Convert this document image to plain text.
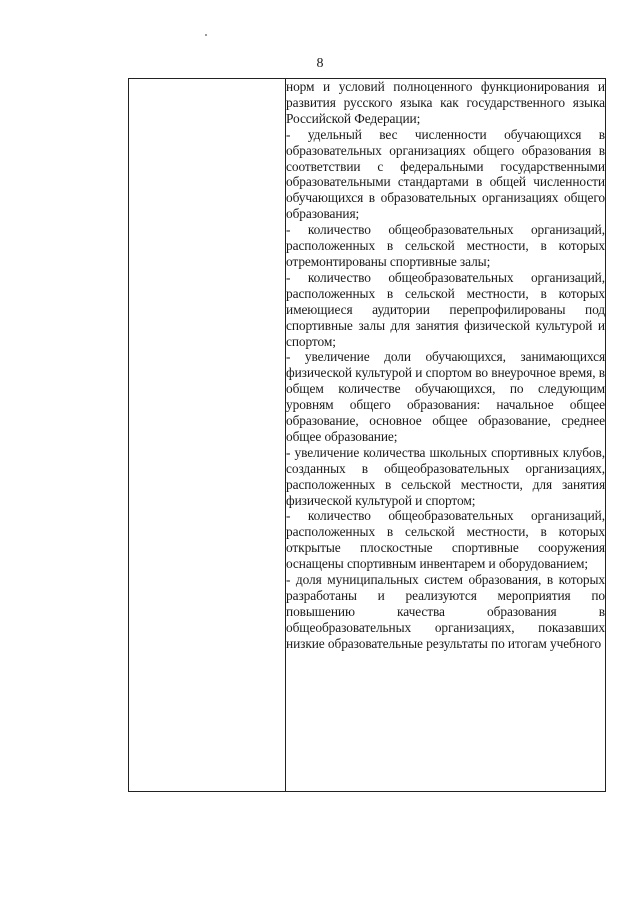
8

норм и условий полноценного функционирования и развития русского языка как государственного языка Российской Федерации;

- удельный вес численности обучающихся в образовательных организациях общего образования в соответствии с федеральными государственными образовательными стандартами в общей численности обучающихся в образовательных организациях общего образования;

- количество общеобразовательных организаций, расположенных в сельской местности, в которых отремонтированы спортивные залы;

- количество общеобразовательных организаций, расположенных в сельской местности, в которых имеющиеся аудитории перепрофилированы под спортивные залы для занятия физической культурой и спортом;

- увеличение доли обучающихся, занимающихся физической культурой и спортом во внеурочное время, в общем количестве обучающихся, по следующим уровням общего образования: начальное общее образование, основное общее образование, среднее общее образование;

- увеличение количества школьных спортивных клубов, созданных в общеобразовательных организациях, расположенных в сельской местности, для занятия физической культурой и спортом;

- количество общеобразовательных организаций, расположенных в сельской местности, в которых открытые плоскостные спортивные сооружения оснащены спортивным инвентарем и оборудованием;

- доля муниципальных систем образования, в которых разработаны и реализуются мероприятия по повышению качества образования в общеобразовательных организациях, показавших низкие образовательные результаты по итогам учебного
